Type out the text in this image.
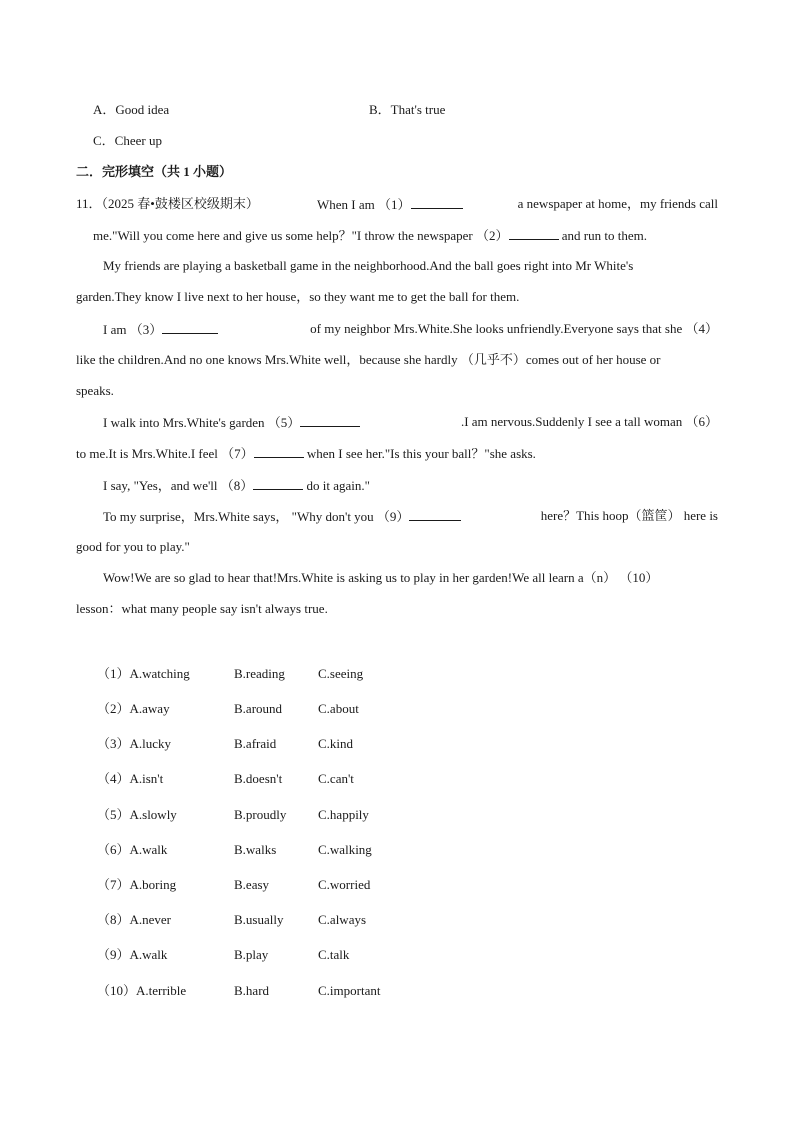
A．Good idea	B．That's true
C．Cheer up
二．完形填空（共 1 小题）
11．（2025 春•鼓楼区校级期末）	When I am （1）	a newspaper at home，my friends call
me."Will you come here and give us some help？"I throw the newspaper （2）	and run to them.
My friends are playing a basketball game in the neighborhood.And the ball goes right into Mr White's
garden.They know I live next to her house，so they want me to get the ball for them.
I am （3）	of my neighbor Mrs.White.She looks unfriendly.Everyone says that she （4）
like the children.And no one knows Mrs.White well，because she hardly （几乎不）comes out of her house or
speaks.
I walk into Mrs.White's garden （5）	.I am nervous.Suddenly I see a tall woman （6）
to me.It is Mrs.White.I feel （7）	when I see her."Is this your ball？"she asks.
I say, "Yes，and we'll （8）	do it again."
To my surprise，Mrs.White says， "Why don't you （9）	here？This hoop（篮筐） here is
good for you to play."
Wow!We are so glad to hear that!Mrs.White is asking us to play in her garden!We all learn a（n） （10）
lesson：what many people say isn't always true.
（1）A.watching	B.reading	C.seeing
（2）A.away	B.around	C.about
（3）A.lucky	B.afraid	C.kind
（4）A.isn't	B.doesn't	C.can't
（5）A.slowly	B.proudly C.happily
（6）A.walk	B.walks	C.walking
（7）A.boring	B.easy	C.worried
（8）A.never	B.usually	C.always
（9）A.walk	B.play	C.talk
（10）A.terrible	B.hard	C.important
